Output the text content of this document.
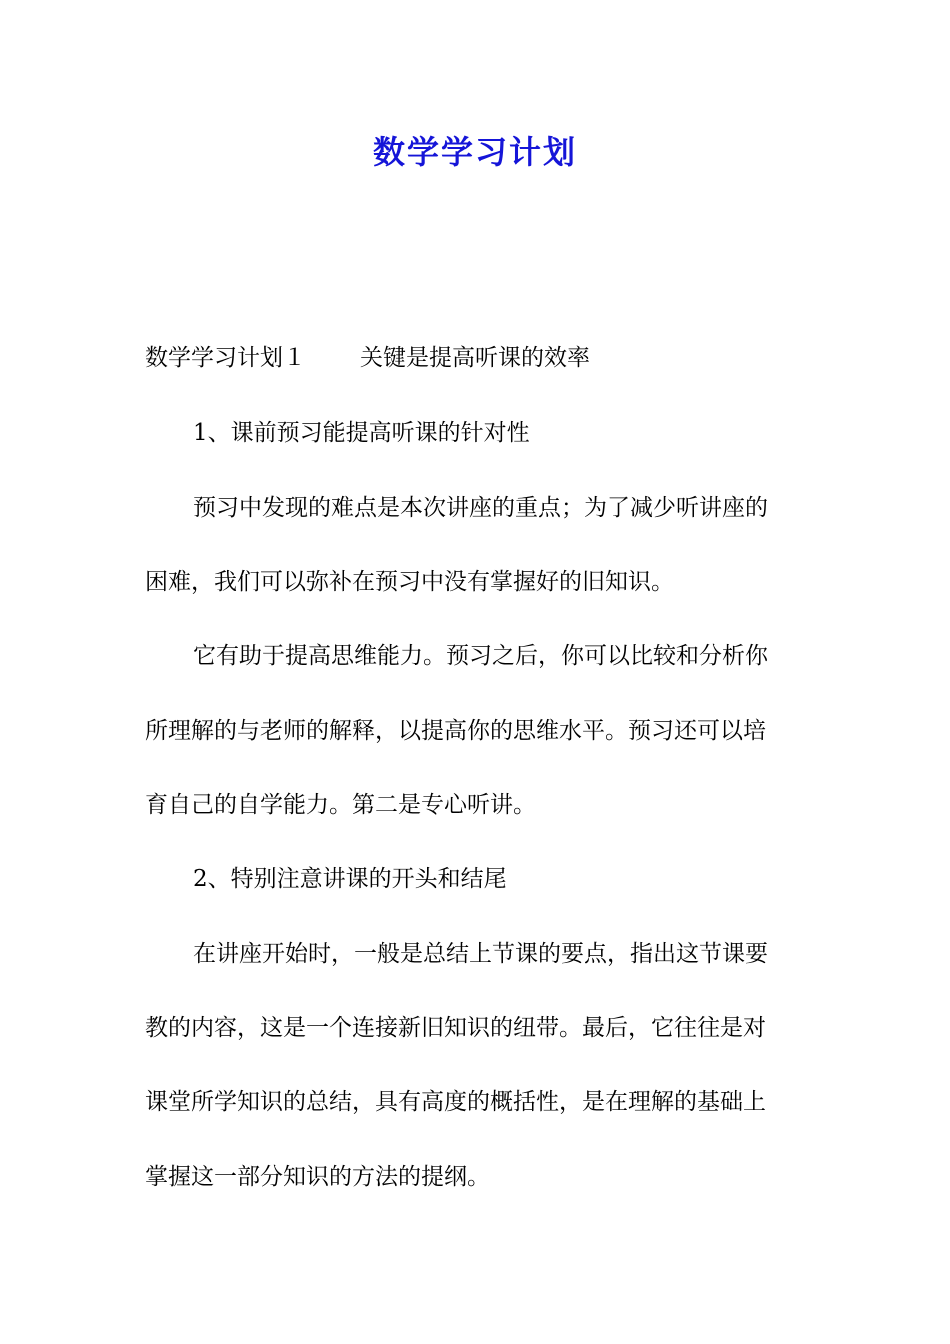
数学学习计划
数学学习计划１ 关键是提高听课的效率
1、课前预习能提高听课的针对性
预习中发现的难点是本次讲座的重点；为了减少听讲座的
困难，我们可以弥补在预习中没有掌握好的旧知识。
它有助于提高思维能力。预习之后，你可以比较和分析你
所理解的与老师的解释，以提高你的思维水平。预习还可以培
育自己的自学能力。第二是专心听讲。
2、特别注意讲课的开头和结尾
在讲座开始时，一般是总结上节课的要点，指出这节课要
教的内容，这是一个连接新旧知识的纽带。最后，它往往是对
课堂所学知识的总结，具有高度的概括性，是在理解的基础上
掌握这一部分知识的方法的提纲。
